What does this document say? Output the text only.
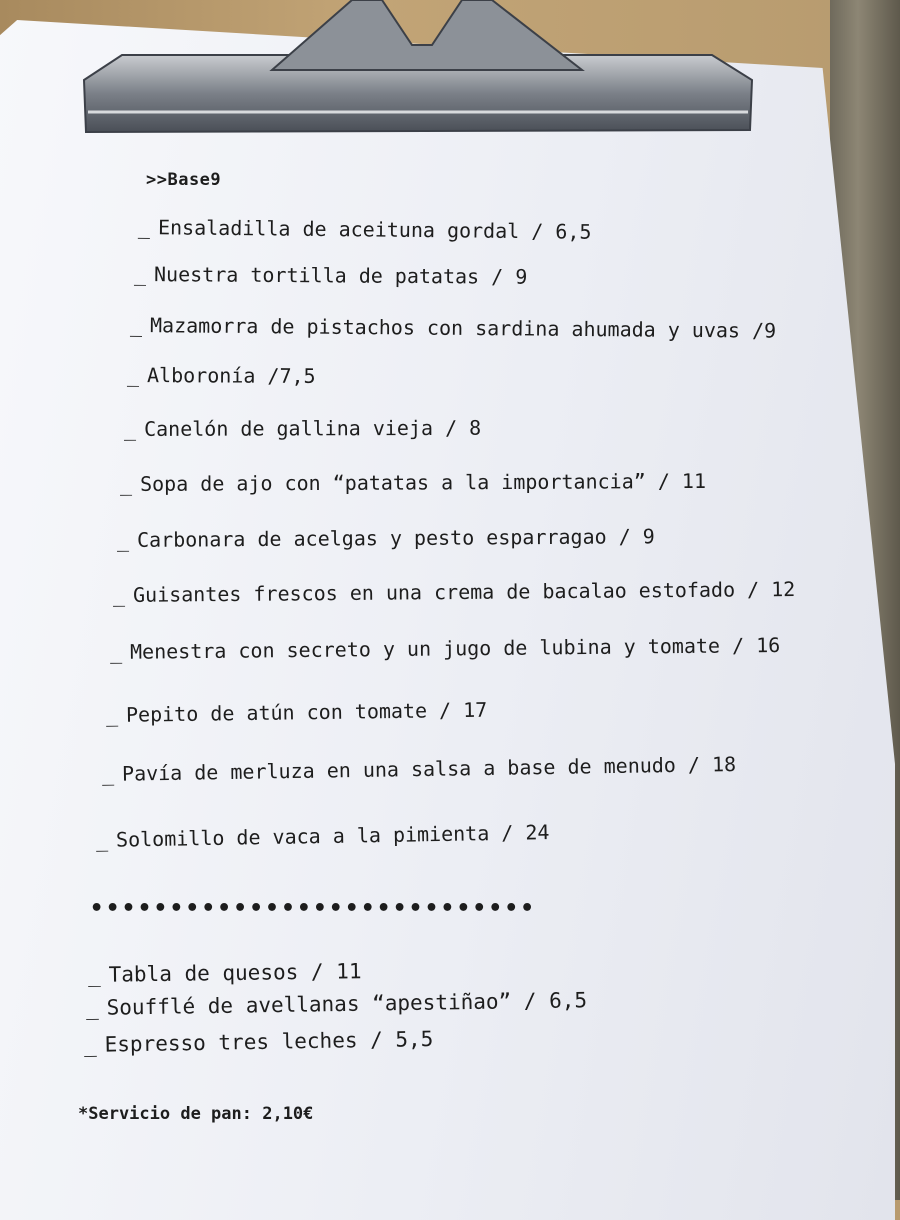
>>Base9
_ Ensaladilla de aceituna gordal / 6,5
_ Nuestra tortilla de patatas / 9
_ Mazamorra de pistachos con sardina ahumada y uvas /9
_ Alboronía /7,5
_ Canelón de gallina vieja / 8
_ Sopa de ajo con “patatas a la importancia” / 11
_ Carbonara de acelgas y pesto esparragao / 9
_ Guisantes frescos en una crema de bacalao estofado / 12
_ Menestra con secreto y un jugo de lubina y tomate / 16
_ Pepito de atún con tomate / 17
_ Pavía de merluza en una salsa a base de menudo / 18
_ Solomillo de vaca a la pimienta / 24
••••••••••••••••••••••••••••
_ Tabla de quesos / 11
_ Soufflé de avellanas “apestiñao” / 6,5
_ Espresso tres leches / 5,5
*Servicio de pan: 2,10€
